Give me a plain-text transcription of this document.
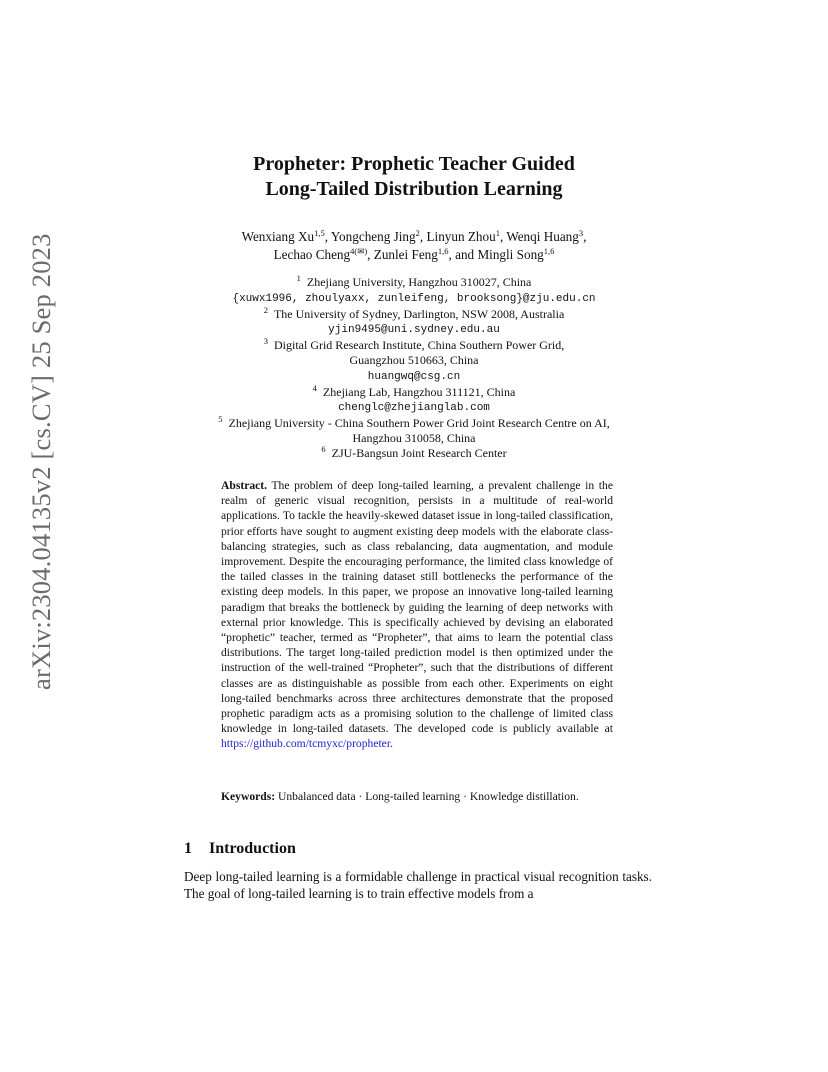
arXiv:2304.04135v2 [cs.CV] 25 Sep 2023
Propheter: Prophetic Teacher Guided
Long-Tailed Distribution Learning
Wenxiang Xu$^{1,5}$, Yongcheng Jing$^2$, Linyun Zhou$^1$, Wenqi Huang$^3$,
Lechao Cheng$^{4(✉)}$, Zunlei Feng$^{1,6}$, and Mingli Song$^{1,6}$
$^1$  Zhejiang University, Hangzhou 310027, China
{xuwx1996, zhoulyaxx, zunleifeng, brooksong}@zju.edu.cn
$^2$  The University of Sydney, Darlington, NSW 2008, Australia
yjin9495@uni.sydney.edu.au
$^3$  Digital Grid Research Institute, China Southern Power Grid,
Guangzhou 510663, China
huangwq@csg.cn
$^4$  Zhejiang Lab, Hangzhou 311121, China
chenglc@zhejianglab.com
$^5$  Zhejiang University - China Southern Power Grid Joint Research Centre on AI,
Hangzhou 310058, China
$^6$  ZJU-Bangsun Joint Research Center
Abstract. The problem of deep long-tailed learning, a prevalent challenge in the realm of generic visual recognition, persists in a multitude of real-world applications. To tackle the heavily-skewed dataset issue in long-tailed classification, prior efforts have sought to augment existing deep models with the elaborate class-balancing strategies, such as class rebalancing, data augmentation, and module improvement. Despite the encouraging performance, the limited class knowledge of the tailed classes in the training dataset still bottlenecks the performance of the existing deep models. In this paper, we propose an innovative long-tailed learning paradigm that breaks the bottleneck by guiding the learning of deep networks with external prior knowledge. This is specifically achieved by devising an elaborated “prophetic” teacher, termed as “Propheter”, that aims to learn the potential class distributions. The target long-tailed prediction model is then optimized under the instruction of the well-trained “Propheter”, such that the distributions of different classes are as distinguishable as possible from each other. Experiments on eight long-tailed benchmarks across three architectures demonstrate that the proposed prophetic paradigm acts as a promising solution to the challenge of limited class knowledge in long-tailed datasets. The developed code is publicly available at https://github.com/tcmyxc/propheter.
Keywords: Unbalanced data · Long-tailed learning · Knowledge distillation.
1 Introduction
Deep long-tailed learning is a formidable challenge in practical visual recognition tasks. The goal of long-tailed learning is to train effective models from a
